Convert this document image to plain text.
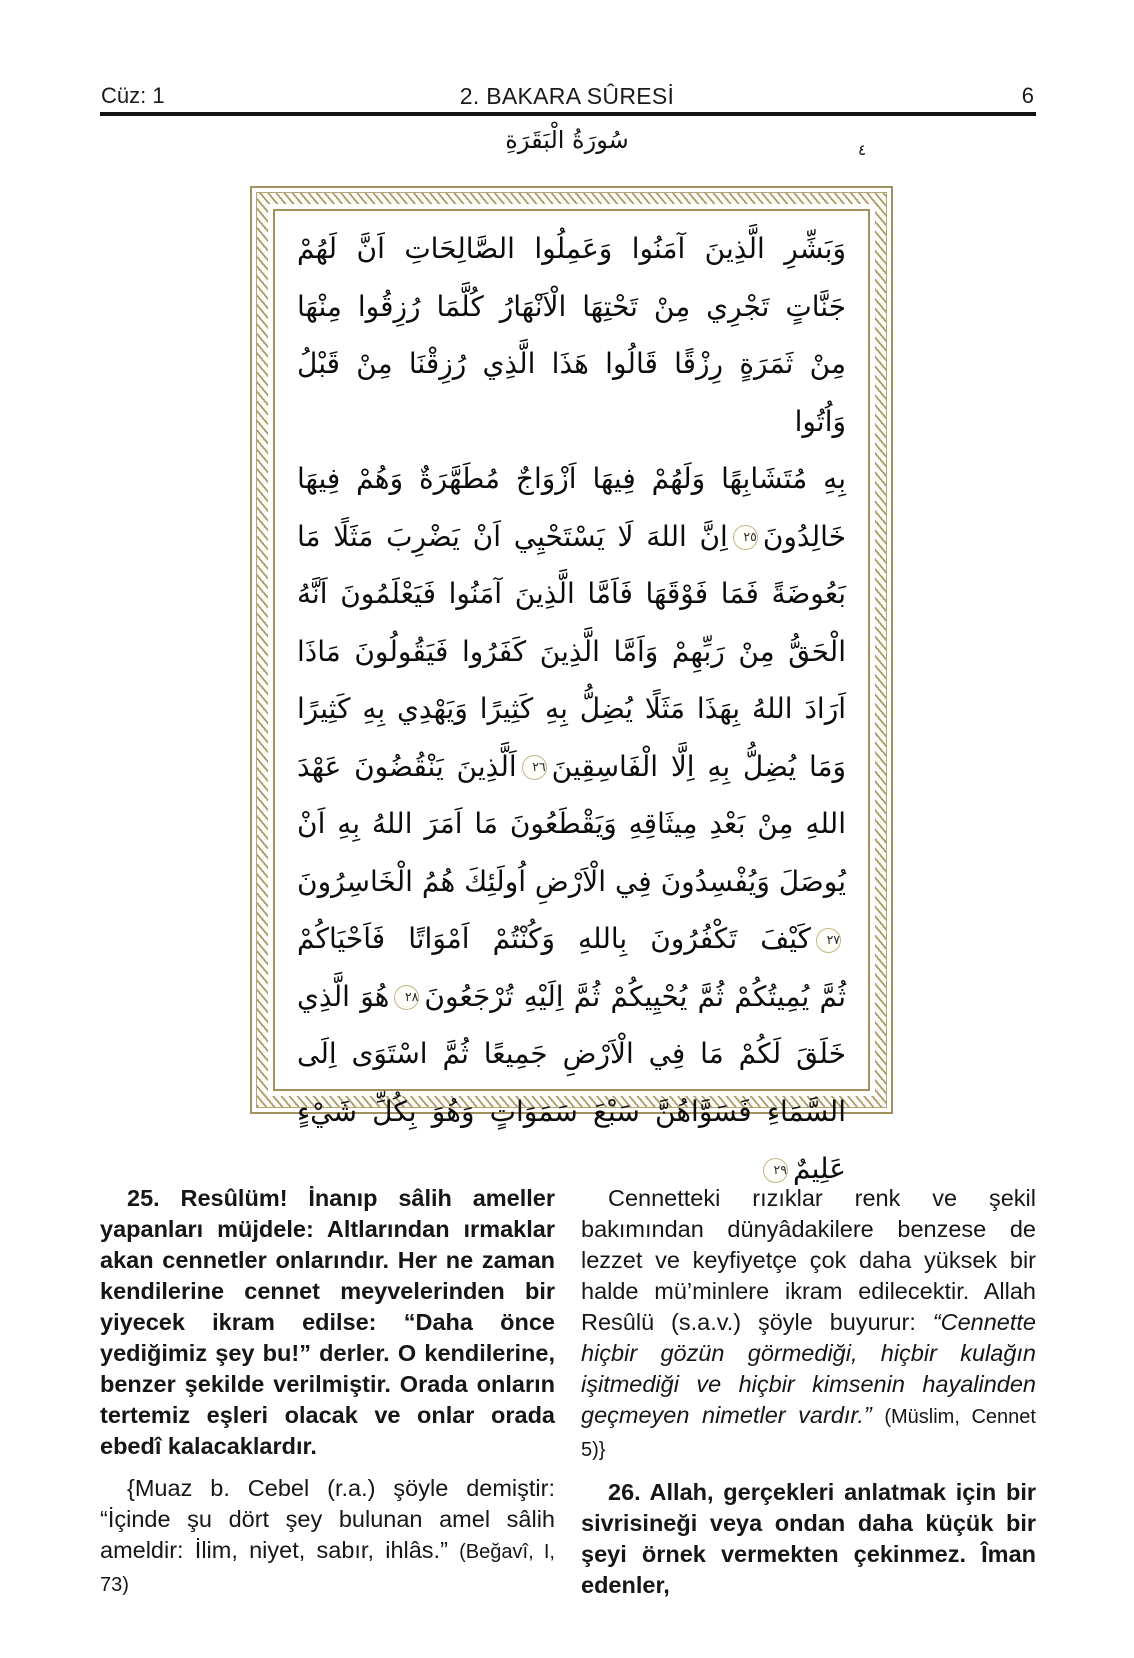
Cüz: 1	2. BAKARA SÛRESİ	6
سُورَةُ الْبَقَرَةِ	٤
وَبَشِّرِ الَّذِينَ آمَنُوا وَعَمِلُوا الصَّالِحَاتِ اَنَّ لَهُمْ
جَنَّاتٍ تَجْرِي مِنْ تَحْتِهَا الْاَنْهَارُ كُلَّمَا رُزِقُوا مِنْهَا
مِنْ ثَمَرَةٍ رِزْقًا قَالُوا هَذَا الَّذِي رُزِقْنَا مِنْ قَبْلُ وَاُتُوا
بِهِ مُتَشَابِهًا وَلَهُمْ فِيهَا اَزْوَاجٌ مُطَهَّرَةٌ وَهُمْ فِيهَا
خَالِدُونَ٢٥اِنَّ اللهَ لَا يَسْتَحْيِي اَنْ يَضْرِبَ مَثَلًا مَا
بَعُوضَةً فَمَا فَوْقَهَا فَاَمَّا الَّذِينَ آمَنُوا فَيَعْلَمُونَ اَنَّهُ
الْحَقُّ مِنْ رَبِّهِمْ وَاَمَّا الَّذِينَ كَفَرُوا فَيَقُولُونَ مَاذَا
اَرَادَ اللهُ بِهَذَا مَثَلًا يُضِلُّ بِهِ كَثِيرًا وَيَهْدِي بِهِ كَثِيرًا
وَمَا يُضِلُّ بِهِ اِلَّا الْفَاسِقِينَ٢٦اَلَّذِينَ يَنْقُضُونَ عَهْدَ
اللهِ مِنْ بَعْدِ مِيثَاقِهِ وَيَقْطَعُونَ مَا اَمَرَ اللهُ بِهِ اَنْ
يُوصَلَ وَيُفْسِدُونَ فِي الْاَرْضِ اُولَئِكَ هُمُ الْخَاسِرُونَ
٢٧كَيْفَ تَكْفُرُونَ بِاللهِ وَكُنْتُمْ اَمْوَاتًا فَاَحْيَاكُمْ
ثُمَّ يُمِيتُكُمْ ثُمَّ يُحْيِيكُمْ ثُمَّ اِلَيْهِ تُرْجَعُونَ٢٨هُوَ الَّذِي
خَلَقَ لَكُمْ مَا فِي الْاَرْضِ جَمِيعًا ثُمَّ اسْتَوَى اِلَى
السَّمَاءِ فَسَوَّاهُنَّ سَبْعَ سَمَوَاتٍ وَهُوَ بِكُلِّ شَيْءٍ عَلِيمٌ٢٩

25. Resûlüm! İnanıp sâlih ameller yapanları müjdele: Altlarından ırmaklar akan cennetler onlarındır. Her ne zaman kendilerine cennet meyvelerinden bir yiyecek ikram edilse: “Daha önce yediğimiz şey bu!” derler. O kendilerine, benzer şekilde verilmiştir. Orada onların tertemiz eşleri olacak ve onlar orada ebedî kalacaklardır.

{Muaz b. Cebel (r.a.) şöyle demiştir: “İçinde şu dört şey bulunan amel sâlih ameldir: İlim, niyet, sabır, ihlâs.” (Beğavî, I, 73)

Cennetteki rızıklar renk ve şekil bakımından dünyâdakilere benzese de lezzet ve keyfiyetçe çok daha yüksek bir halde mü’minlere ikram edilecektir. Allah Resûlü (s.a.v.) şöyle buyurur: “Cennette hiçbir gözün görmediği, hiçbir kulağın işitmediği ve hiçbir kimsenin hayalinden geçmeyen nimetler vardır.” (Müslim, Cennet 5)}

26. Allah, gerçekleri anlatmak için bir sivrisineği veya ondan daha küçük bir şeyi örnek vermekten çekinmez. Îman edenler,
